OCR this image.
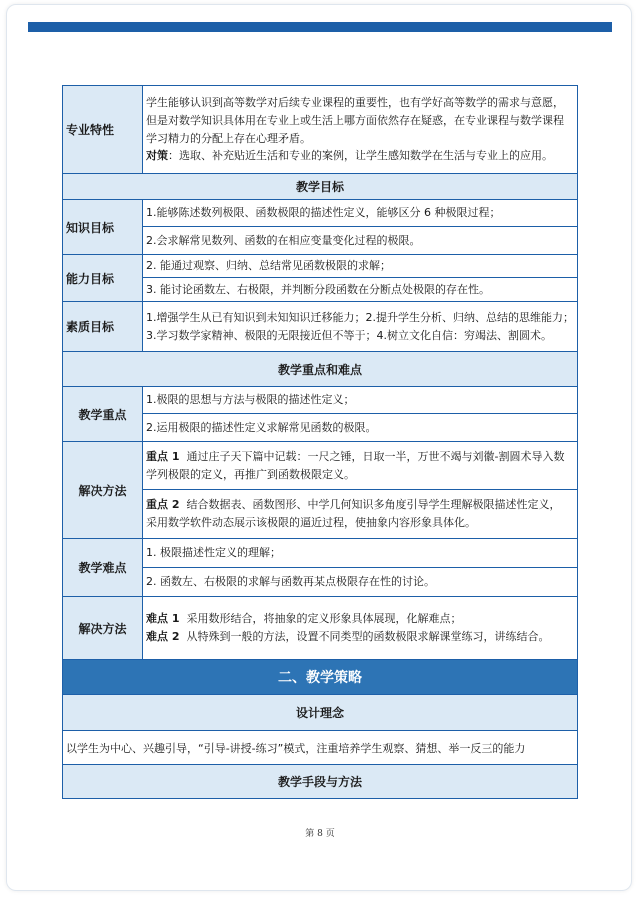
专业特性
学生能够认识到高等数学对后续专业课程的重要性，也有学好高等数学的需求与意愿，
但是对数学知识具体用在专业上或生活上哪方面依然存在疑惑，在专业课程与数学课程
学习精力的分配上存在心理矛盾。
对策：选取、补充贴近生活和专业的案例，让学生感知数学在生活与专业上的应用。
教学目标
知识目标
1.能够陈述数列极限、函数极限的描述性定义，能够区分 6 种极限过程；
2.会求解常见数列、函数的在相应变量变化过程的极限。
能力目标
2. 能通过观察、归纳、总结常见函数极限的求解；
3. 能讨论函数左、右极限，并判断分段函数在分断点处极限的存在性。
素质目标
1.增强学生从已有知识到未知知识迁移能力；2.提升学生分析、归纳、总结的思维能力；
3.学习数学家精神、极限的无限接近但不等于；4.树立文化自信：穷竭法、割圆术。
教学重点和难点
教学重点
1.极限的思想与方法与极限的描述性定义；
2.运用极限的描述性定义求解常见函数的极限。
解决方法
重点 1 通过庄子天下篇中记载：一尺之锤，日取一半，万世不竭与刘徽-割圆术导入数
学列极限的定义，再推广到函数极限定义。
重点 2 结合数据表、函数图形、中学几何知识多角度引导学生理解极限描述性定义，
采用数学软件动态展示该极限的逼近过程，使抽象内容形象具体化。
教学难点
1. 极限描述性定义的理解；
2. 函数左、右极限的求解与函数再某点极限存在性的讨论。
解决方法
难点 1 采用数形结合，将抽象的定义形象具体展现，化解难点；
难点 2 从特殊到一般的方法，设置不同类型的函数极限求解课堂练习，讲练结合。
二、教学策略
设计理念
以学生为中心、兴趣引导，“引导-讲授-练习”模式，注重培养学生观察、猜想、举一反三的能力
教学手段与方法
第 8 页
